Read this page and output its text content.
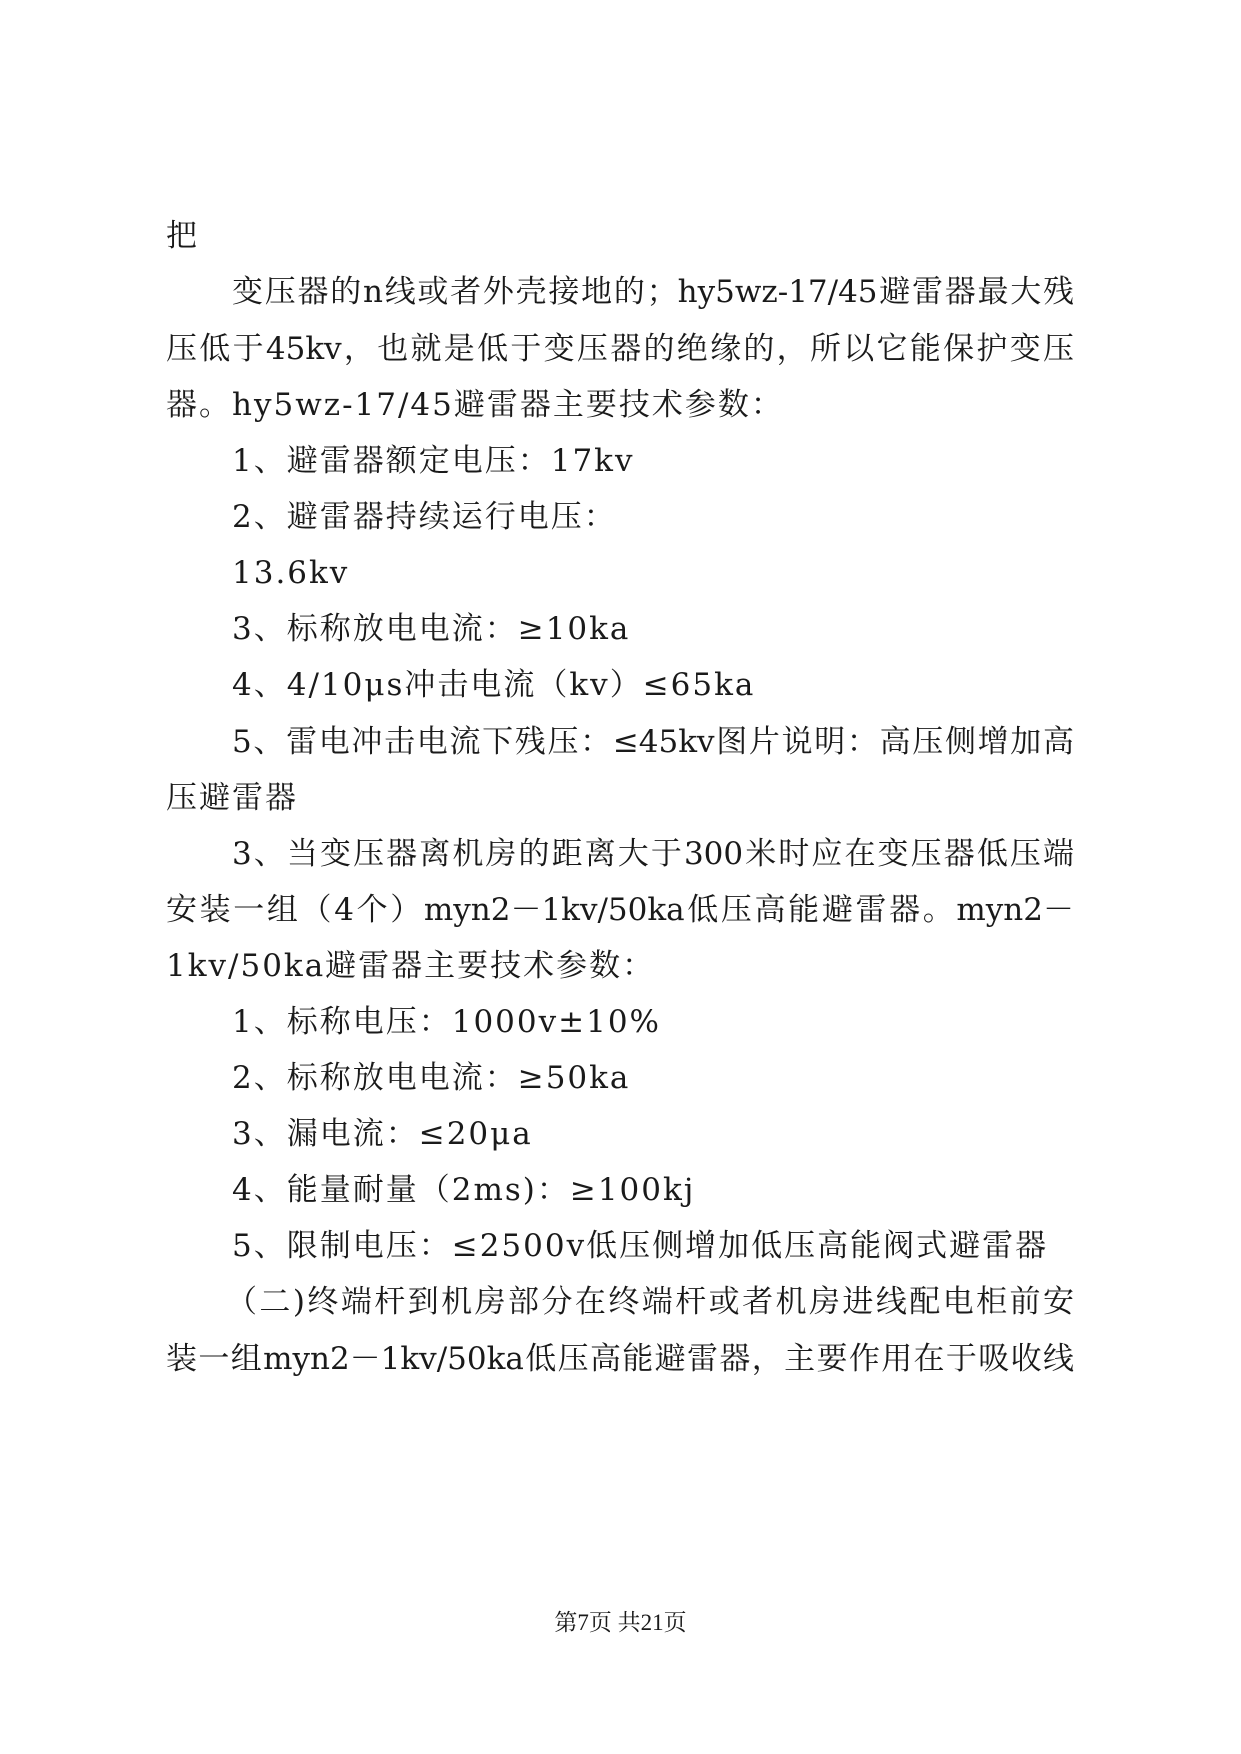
把
变压器的n线或者外壳接地的；hy5wz-17/45避雷器最大残
压低于45kv，也就是低于变压器的绝缘的，所以它能保护变压
器。hy5wz-17/45避雷器主要技术参数：
1、避雷器额定电压：17kv
2、避雷器持续运行电压：
13.6kv
3、标称放电电流：≥10ka
4、4/10μs冲击电流（kv）≤65ka
5、雷电冲击电流下残压：≤45kv图片说明：高压侧增加高
压避雷器
3、当变压器离机房的距离大于300米时应在变压器低压端
安装一组（4个）myn2－1kv/50ka低压高能避雷器。myn2－
1kv/50ka避雷器主要技术参数：
1、标称电压：1000v±10%
2、标称放电电流：≥50ka
3、漏电流：≤20μa
4、能量耐量（2ms)：≥100kj
5、限制电压：≤2500v低压侧增加低压高能阀式避雷器
（二)终端杆到机房部分在终端杆或者机房进线配电柜前安
装一组myn2－1kv/50ka低压高能避雷器，主要作用在于吸收线
第7页 共21页
